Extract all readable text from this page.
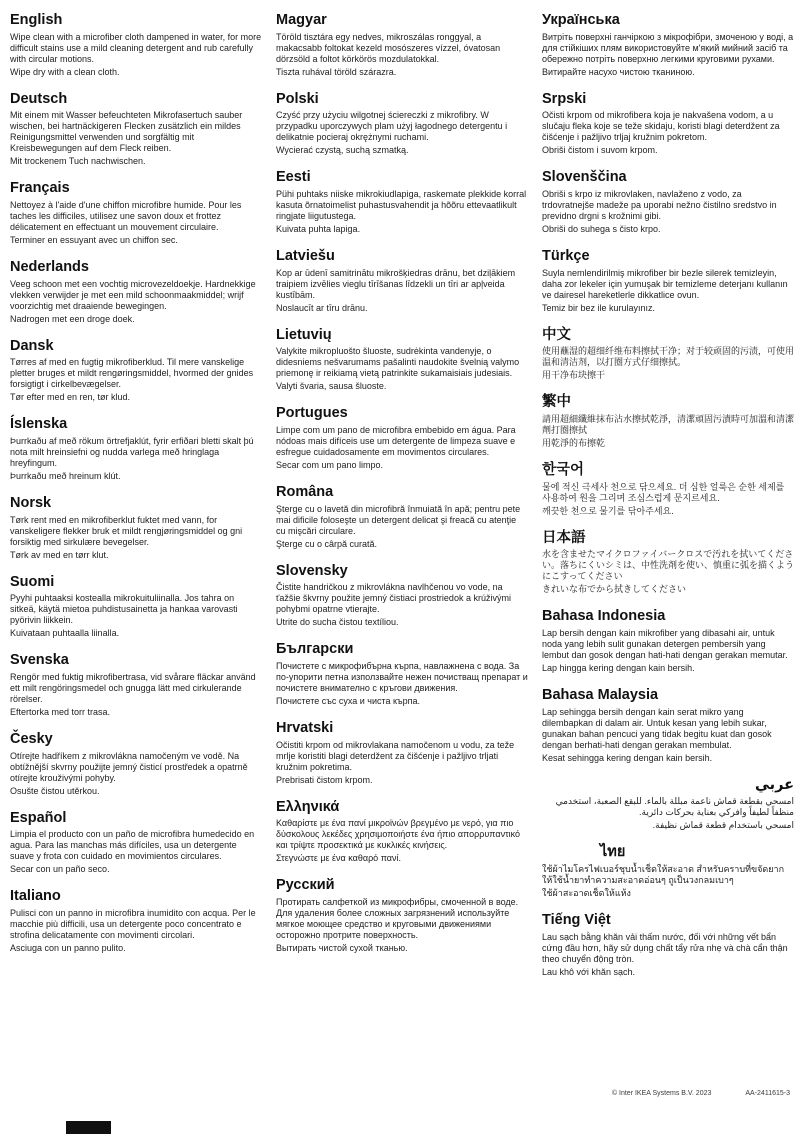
English

Wipe clean with a microfiber cloth dampened in water, for more difficult stains use a mild cleaning detergent and rub carefully with circular motions.

Wipe dry with a clean cloth.

Deutsch

Mit einem mit Wasser befeuchteten Mikrofasertuch sauber wischen, bei hartnäckigeren Flecken zusätzlich ein mildes Reinigungsmittel verwenden und sorgfältig mit Kreisbewegungen auf dem Fleck reiben.

Mit trockenem Tuch nachwischen.

Français

Nettoyez à l'aide d'une chiffon microfibre humide. Pour les taches les difficiles, utilisez une savon doux et frottez délicatement en effectuant un mouvement circulaire.

Terminer en essuyant avec un chiffon sec.

Nederlands

Veeg schoon met een vochtig microvezeldoekje. Hardnekkige vlekken verwijder je met een mild schoonmaakmiddel; wrijf voorzichtig met draaiende bewegingen.

Nadrogen met een droge doek.

Dansk

Tørres af med en fugtig mikrofiberklud. Til mere vanskelige pletter bruges et mildt rengøringsmiddel, hvormed der gnides forsigtigt i cirkelbevægelser.

Tør efter med en ren, tør klud.

Íslenska

Þurrkaðu af með rökum örtrefjaklút, fyrir erfiðari bletti skalt þú nota milt hreinsiefni og nudda varlega með hringlaga hreyfingum.

Þurrkaðu með hreinum klút.

Norsk

Tørk rent med en mikrofiberklut fuktet med vann, for vanskeligere flekker bruk et mildt rengjøringsmiddel og gni forsiktig med sirkulære bevegelser.

Tørk av med en tørr klut.

Suomi

Pyyhi puhtaaksi kostealla mikrokuituliinalla. Jos tahra on sitkeä, käytä mietoa puhdistusainetta ja hankaa varovasti pyörivin liikkein.

Kuivataan puhtaalla liinalla.

Svenska

Rengör med fuktig mikrofibertrasa, vid svårare fläckar använd ett milt rengöringsmedel och gnugga lätt med cirkulerande rörelser.

Eftertorka med torr trasa.

Česky

Otírejte hadříkem z mikrovlákna namočeným ve vodě. Na obtížnější skvrny použijte jemný čisticí prostředek a opatrně otírejte krouživými pohyby.

Osušte čistou utěrkou.

Español

Limpia el producto con un paño de microfibra humedecido en agua. Para las manchas más difíciles, usa un detergente suave y frota con cuidado en movimientos circulares.

Secar con un paño seco.

Italiano

Pulisci con un panno in microfibra inumidito con acqua. Per le macchie più difficili, usa un detergente poco concentrato e strofina delicatamente con movimenti circolari.

Asciuga con un panno pulito.

Magyar

Töröld tisztára egy nedves, mikroszálas ronggyal, a makacsabb foltokat kezeld mosószeres vízzel, óvatosan dörzsöld a foltot körkörös mozdulatokkal.

Tiszta ruhával töröld szárazra.

Polski

Czyść przy użyciu wilgotnej ściereczki z mikrofibry. W przypadku uporczywych plam użyj łagodnego detergentu i delikatnie pocieraj okrężnymi ruchami.

Wycierać czystą, suchą szmatką.

Eesti

Pühi puhtaks niiske mikrokiudlapiga, raskemate plekkide korral kasuta õrnatoimelist puhastusvahendit ja hõõru ettevaatlikult ringjate liigutustega.

Kuivata puhta lapiga.

Latviešu

Kop ar ūdenī samitrinātu mikrošķiedras drānu, bet dziļākiem traipiem izvēlies vieglu tīrīšanas līdzekli un tīri ar apļveida kustībām.

Noslaucīt ar tīru drānu.

Lietuvių

Valykite mikropluošto šluoste, sudrėkinta vandenyje, o didesniems nešvarumams pašalinti naudokite švelnią valymo priemonę ir reikiamą vietą patrinkite sukamaisiais judesiais.

Valyti švaria, sausa šluoste.

Portugues

Limpe com um pano de microfibra embebido em água. Para nódoas mais difíceis use um detergente de limpeza suave e esfregue cuidadosamente em movimentos circulares.

Secar com um pano limpo.

Româna

Şterge cu o lavetă din microfibră înmuiată în apă; pentru pete mai dificile foloseşte un detergent delicat şi freacă cu atenţie cu mişcări circulare.

Şterge cu o cârpă curată.

Slovensky

Čistite handričkou z mikrovlákna navlhčenou vo vode, na ťažšie škvrny použite jemný čistiaci prostriedok a krúživými pohybmi opatrne vtierajte.

Utrite do sucha čistou textíliou.

Български

Почистете с микрофибърна кърпа, навлажнена с вода. За по-упорити петна използвайте нежен почистващ препарат и почистете внимателно с кръгови движения.

Почистете със суха и чиста кърпа.

Hrvatski

Očistiti krpom od mikrovlakana namočenom u vodu, za teže mrlje koristiti blagi deterdžent za čišćenje i pažljivo trljati kružnim pokretima.

Prebrisati čistom krpom.

Ελληνικά

Καθαρίστε με ένα πανί μικροϊνών βρεγμένο με νερό, για πιο δύσκολους λεκέδες χρησιμοποιήστε ένα ήπιο απορρυπαντικό και τρίψτε προσεκτικά με κυκλικές κινήσεις.

Στεγνώστε με ένα καθαρό πανί.

Русский

Протирать салфеткой из микрофибры, смоченной в воде. Для удаления более сложных загрязнений используйте мягкое моющее средство и круговыми движениями осторожно протрите поверхность.

Вытирать чистой сухой тканью.

Українська

Витріть поверхні ганчіркою з мікрофібри, змоченою у воді, а для стійкіших плям використовуйте м'який мийний засіб та обережно потріть поверхню легкими круговими рухами.

Витирайте насухо чистою тканиною.

Srpski

Očisti krpom od mikrofibera koja je nakvašena vodom, a u slučaju fleka koje se teže skidaju, koristi blagi deterdžent za čišćenje i pažljivo trljaj kružnim pokretom.

Obriši čistom i suvom krpom.

Slovenščina

Obriši s krpo iz mikrovlaken, navlaženo z vodo, za trdovratnejše madeže pa uporabi nežno čistilno sredstvo in previdno drgni s krožnimi gibi.

Obriši do suhega s čisto krpo.

Türkçe

Suyla nemlendirilmiş mikrofiber bir bezle silerek temizleyin, daha zor lekeler için yumuşak bir temizleme deterjanı kullanın ve dairesel hareketlerle dikkatlice ovun.

Temiz bir bez ile kurulayınız.

中文

使用蘸湿的超细纤维布料擦拭干净；对于较顽固的污渍，可使用温和清洁剂，以打圈方式仔细擦拭。

用干净布块擦干

繁中

請用超細纖維抹布沾水擦拭乾淨，清潔頑固污漬時可加溫和清潔劑打圈擦拭

用乾淨的布擦乾

한국어

물에 적신 극세사 천으로 닦으세요. 더 심한 얼룩은 순한 세제를 사용하여 원을 그리며 조심스럽게 문지르세요.

깨끗한 천으로 물기를 닦아주세요.

日本語

水を含ませたマイクロファイバークロスで汚れを拭いてください。落ちにくいシミは、中性洗剤を使い、慎重に弧を描くようにこすってください

きれいな布でから拭きしてください

Bahasa Indonesia

Lap bersih dengan kain mikrofiber yang dibasahi air, untuk noda yang lebih sulit gunakan detergen pembersih yang lembut dan gosok dengan hati-hati dengan gerakan memutar.

Lap hingga kering dengan kain bersih.

Bahasa Malaysia

Lap sehingga bersih dengan kain serat mikro yang dilembapkan di dalam air. Untuk kesan yang lebih sukar, gunakan bahan pencuci yang tidak begitu kuat dan gosok dengan berhati-hati dengan gerakan membulat.

Kesat sehingga kering dengan kain bersih.

عربي

امسحي بقطعة قماش ناعمة مبللة بالماء. للبقع الصعبة، استخدمي منظفاً لطيفاً وافركي بعناية بحركات دائرية.

امسحي باستخدام قطعة قماش نظيفة.

ไทย

ใช้ผ้าไมโครไฟเบอร์ชุบน้ำเช็ดให้สะอาด สำหรับคราบที่ขจัดยากให้ใช้น้ำยาทำความสะอาดอ่อนๆ ถูเป็นวงกลมเบาๆ

ใช้ผ้าสะอาดเช็ดให้แห้ง

Tiếng Việt

Lau sạch bằng khăn vải thấm nước, đối với những vết bẩn cứng đầu hơn, hãy sử dụng chất tẩy rửa nhẹ và chà cẩn thận theo chuyển động tròn.

Lau khô với khăn sạch.

© Inter IKEA Systems B.V. 2023	AA-2411615-3
